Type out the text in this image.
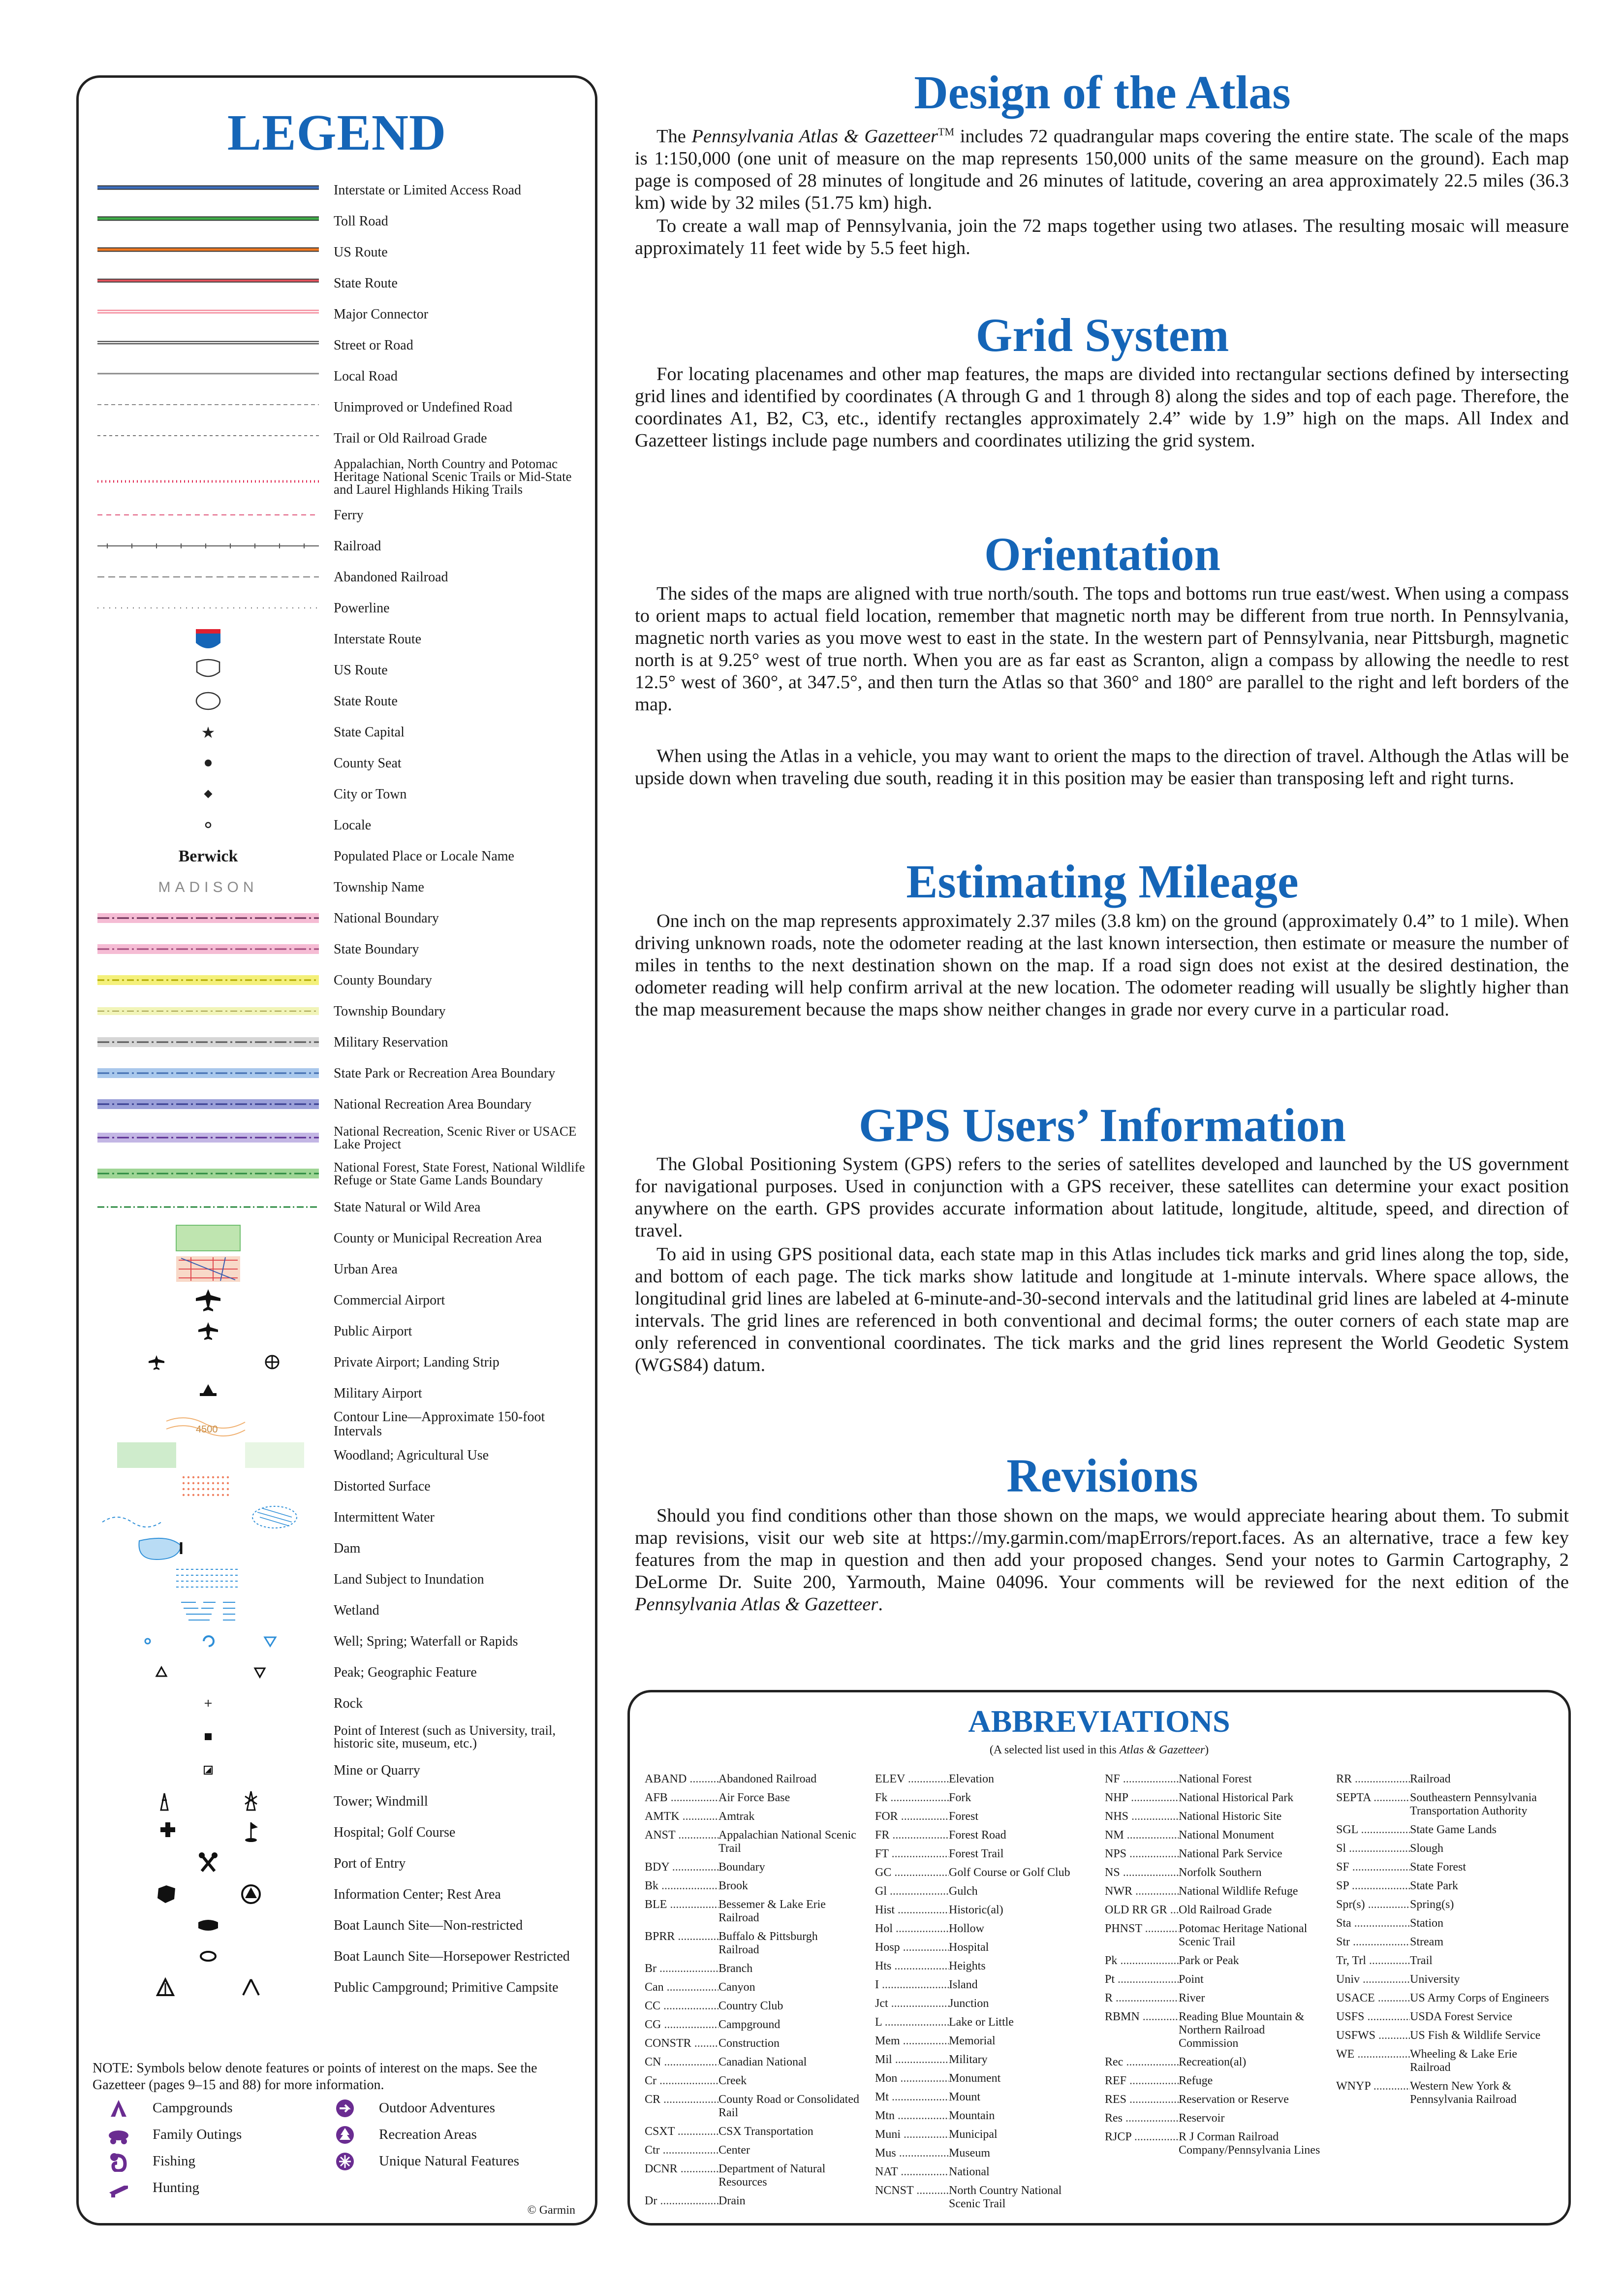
LEGEND
Interstate or Limited Access Road
Toll Road
US Route
State Route
Major Connector
Street or Road
Local Road
Unimproved or Undefined Road
Trail or Old Railroad Grade
Appalachian, North Country and Potomac Heritage National Scenic Trails or Mid-State and Laurel Highlands Hiking Trails
Ferry
Railroad
Abandoned Railroad
Powerline
Interstate Route
US Route
State Route
★	State Capital
County Seat
City or Town
Locale
Berwick	Populated Place or Locale Name
MADISON	Township Name
National Boundary
State Boundary
County Boundary
Township Boundary
Military Reservation
State Park or Recreation Area Boundary
National Recreation Area Boundary
National Recreation, Scenic River or USACE Lake Project
National Forest, State Forest, National Wildlife Refuge or State Game Lands Boundary
State Natural or Wild Area
County or Municipal Recreation Area
Urban Area
Commercial Airport
Public Airport
Private Airport; Landing Strip
Military Airport
4500
Contour Line—Approximate 150-foot Intervals
Woodland; Agricultural Use
Distorted Surface
Intermittent Water
Dam
Land Subject to Inundation
Wetland
Well; Spring; Waterfall or Rapids
Peak; Geographic Feature
Rock
Point of Interest (such as University, trail, historic site, museum, etc.)
Mine or Quarry
Tower; Windmill
Hospital; Golf Course
Port of Entry
Information Center; Rest Area
Boat Launch Site—Non-restricted
Boat Launch Site—Horsepower Restricted
Public Campground; Primitive Campsite
NOTE: Symbols below denote features or points of interest on the maps. See the Gazetteer (pages 9–15 and 88) for more information.
Campgrounds
Family Outings
Fishing
Hunting
Outdoor Adventures
Recreation Areas
Unique Natural Features
© Garmin
Design of the Atlas

The Pennsylvania Atlas & Gazetteer™ includes 72 quadrangular maps covering the entire state. The scale of the maps is 1:150,000 (one unit of measure on the map represents 150,000 units of the same measure on the ground). Each map page is composed of 28 minutes of longitude and 26 minutes of latitude, covering an area approximately 22.5 miles (36.3 km) wide by 32 miles (51.75 km) high.

To create a wall map of Pennsylvania, join the 72 maps together using two atlases. The resulting mosaic will measure approximately 11 feet wide by 5.5 feet high.

Grid System

For locating placenames and other map features, the maps are divided into rectangular sections defined by intersecting grid lines and identified by coordinates (A through G and 1 through 8) along the sides and top of each page. Therefore, the coordinates A1, B2, C3, etc., identify rectangles approximately 2.4” wide by 1.9” high on the maps. All Index and Gazetteer listings include page numbers and coordinates utilizing the grid system.

Orientation

The sides of the maps are aligned with true north/south. The tops and bottoms run true east/west. When using a compass to orient maps to actual field location, remember that magnetic north may be different from true north. In Pennsylvania, magnetic north varies as you move west to east in the state. In the western part of Pennsylvania, near Pittsburgh, magnetic north is at 9.25° west of true north. When you are as far east as Scranton, align a compass by allowing the needle to rest 12.5° west of 360°, at 347.5°, and then turn the Atlas so that 360° and 180° are parallel to the right and left borders of the map.

When using the Atlas in a vehicle, you may want to orient the maps to the direction of travel. Although the Atlas will be upside down when traveling due south, reading it in this position may be easier than transposing left and right turns.

Estimating Mileage

One inch on the map represents approximately 2.37 miles (3.8 km) on the ground (approximately 0.4” to 1 mile). When driving unknown roads, note the odometer reading at the last known intersection, then estimate or measure the number of miles in tenths to the next destination shown on the map. If a road sign does not exist at the desired destination, the odometer reading will help confirm arrival at the new location. The odometer reading will usually be slightly higher than the map measurement because the maps show neither changes in grade nor every curve in a particular road.

GPS Users’ Information

The Global Positioning System (GPS) refers to the series of satellites developed and launched by the US government for navigational purposes. Used in conjunction with a GPS receiver, these satellites can determine your exact position anywhere on the earth. GPS provides accurate information about latitude, longitude, altitude, speed, and direction of travel.

To aid in using GPS positional data, each state map in this Atlas includes tick marks and grid lines along the top, side, and bottom of each page. The tick marks show latitude and longitude at 1-minute intervals. Where space allows, the longitudinal grid lines are labeled at 6-minute-and-30-second intervals and the latitudinal grid lines are labeled at 4-minute intervals. The grid lines are referenced in both conventional and decimal forms; the outer corners of each state map are only referenced in conventional coordinates. The tick marks and the grid lines represent the World Geodetic System (WGS84) datum.

Revisions

Should you find conditions other than those shown on the maps, we would appreciate hearing about them. To submit map revisions, visit our web site at https://my.garmin.com/mapErrors/report.faces. As an alternative, trace a few key features from the map in question and then add your proposed changes. Send your notes to Garmin Cartography, 2 DeLorme Dr. Suite 200, Yarmouth, Maine 04096. Your comments will be reviewed for the next edition of the Pennsylvania Atlas & Gazetteer.

ABBREVIATIONS
(A selected list used in this Atlas & Gazetteer)
ABAND .....	Abandoned Railroad
AFB .....	Air Force Base
AMTK .....	Amtrak
ANST .....	Appalachian National Scenic Trail
BDY .....	Boundary
Bk .....	Brook
BLE .....	Bessemer & Lake Erie Railroad
BPRR .....	Buffalo & Pittsburgh Railroad
Br .....	Branch
Can .....	Canyon
CC .....	Country Club
CG .....	Campground
CONSTR .....	Construction
CN .....	Canadian National
Cr .....	Creek
CR .....	County Road or Consolidated Rail
CSXT .....	CSX Transportation
Ctr .....	Center
DCNR .....	Department of Natural Resources
Dr .....	Drain
ELEV .....	Elevation
Fk .....	Fork
FOR .....	Forest
FR .....	Forest Road
FT .....	Forest Trail
GC .....	Golf Course or Golf Club
Gl .....	Gulch
Hist .....	Historic(al)
Hol .....	Hollow
Hosp .....	Hospital
Hts .....	Heights
I .....	Island
Jct .....	Junction
L .....	Lake or Little
Mem .....	Memorial
Mil .....	Military
Mon .....	Monument
Mt .....	Mount
Mtn .....	Mountain
Muni .....	Municipal
Mus .....	Museum
NAT .....	National
NCNST .....	North Country National Scenic Trail
NF .....	National Forest
NHP .....	National Historical Park
NHS .....	National Historic Site
NM .....	National Monument
NPS .....	National Park Service
NS .....	Norfolk Southern
NWR .....	National Wildlife Refuge
OLD RR GR ..... Old Railroad Grade
PHNST .....	Potomac Heritage National Scenic Trail
Pk .....	Park or Peak
Pt .....	Point
R .....	River
RBMN .....	Reading Blue Mountain & Northern Railroad Commission
Rec .....	Recreation(al)
REF .....	Refuge
RES .....	Reservation or Reserve
Res .....	Reservoir
RJCP .....	R J Corman Railroad Company/Pennsylvania Lines
RR .....	Railroad
SEPTA .....	Southeastern Pennsylvania Transportation Authority
SGL .....	State Game Lands
Sl .....	Slough
SF .....	State Forest
SP .....	State Park
Spr(s) .....	Spring(s)
Sta .....	Station
Str .....	Stream
Tr, Trl .....	Trail
Univ .....	University
USACE .....	US Army Corps of Engineers
USFS .....	USDA Forest Service
USFWS .....	US Fish & Wildlife Service
WE .....	Wheeling & Lake Erie Railroad
WNYP .....	Western New York & Pennsylvania Railroad
